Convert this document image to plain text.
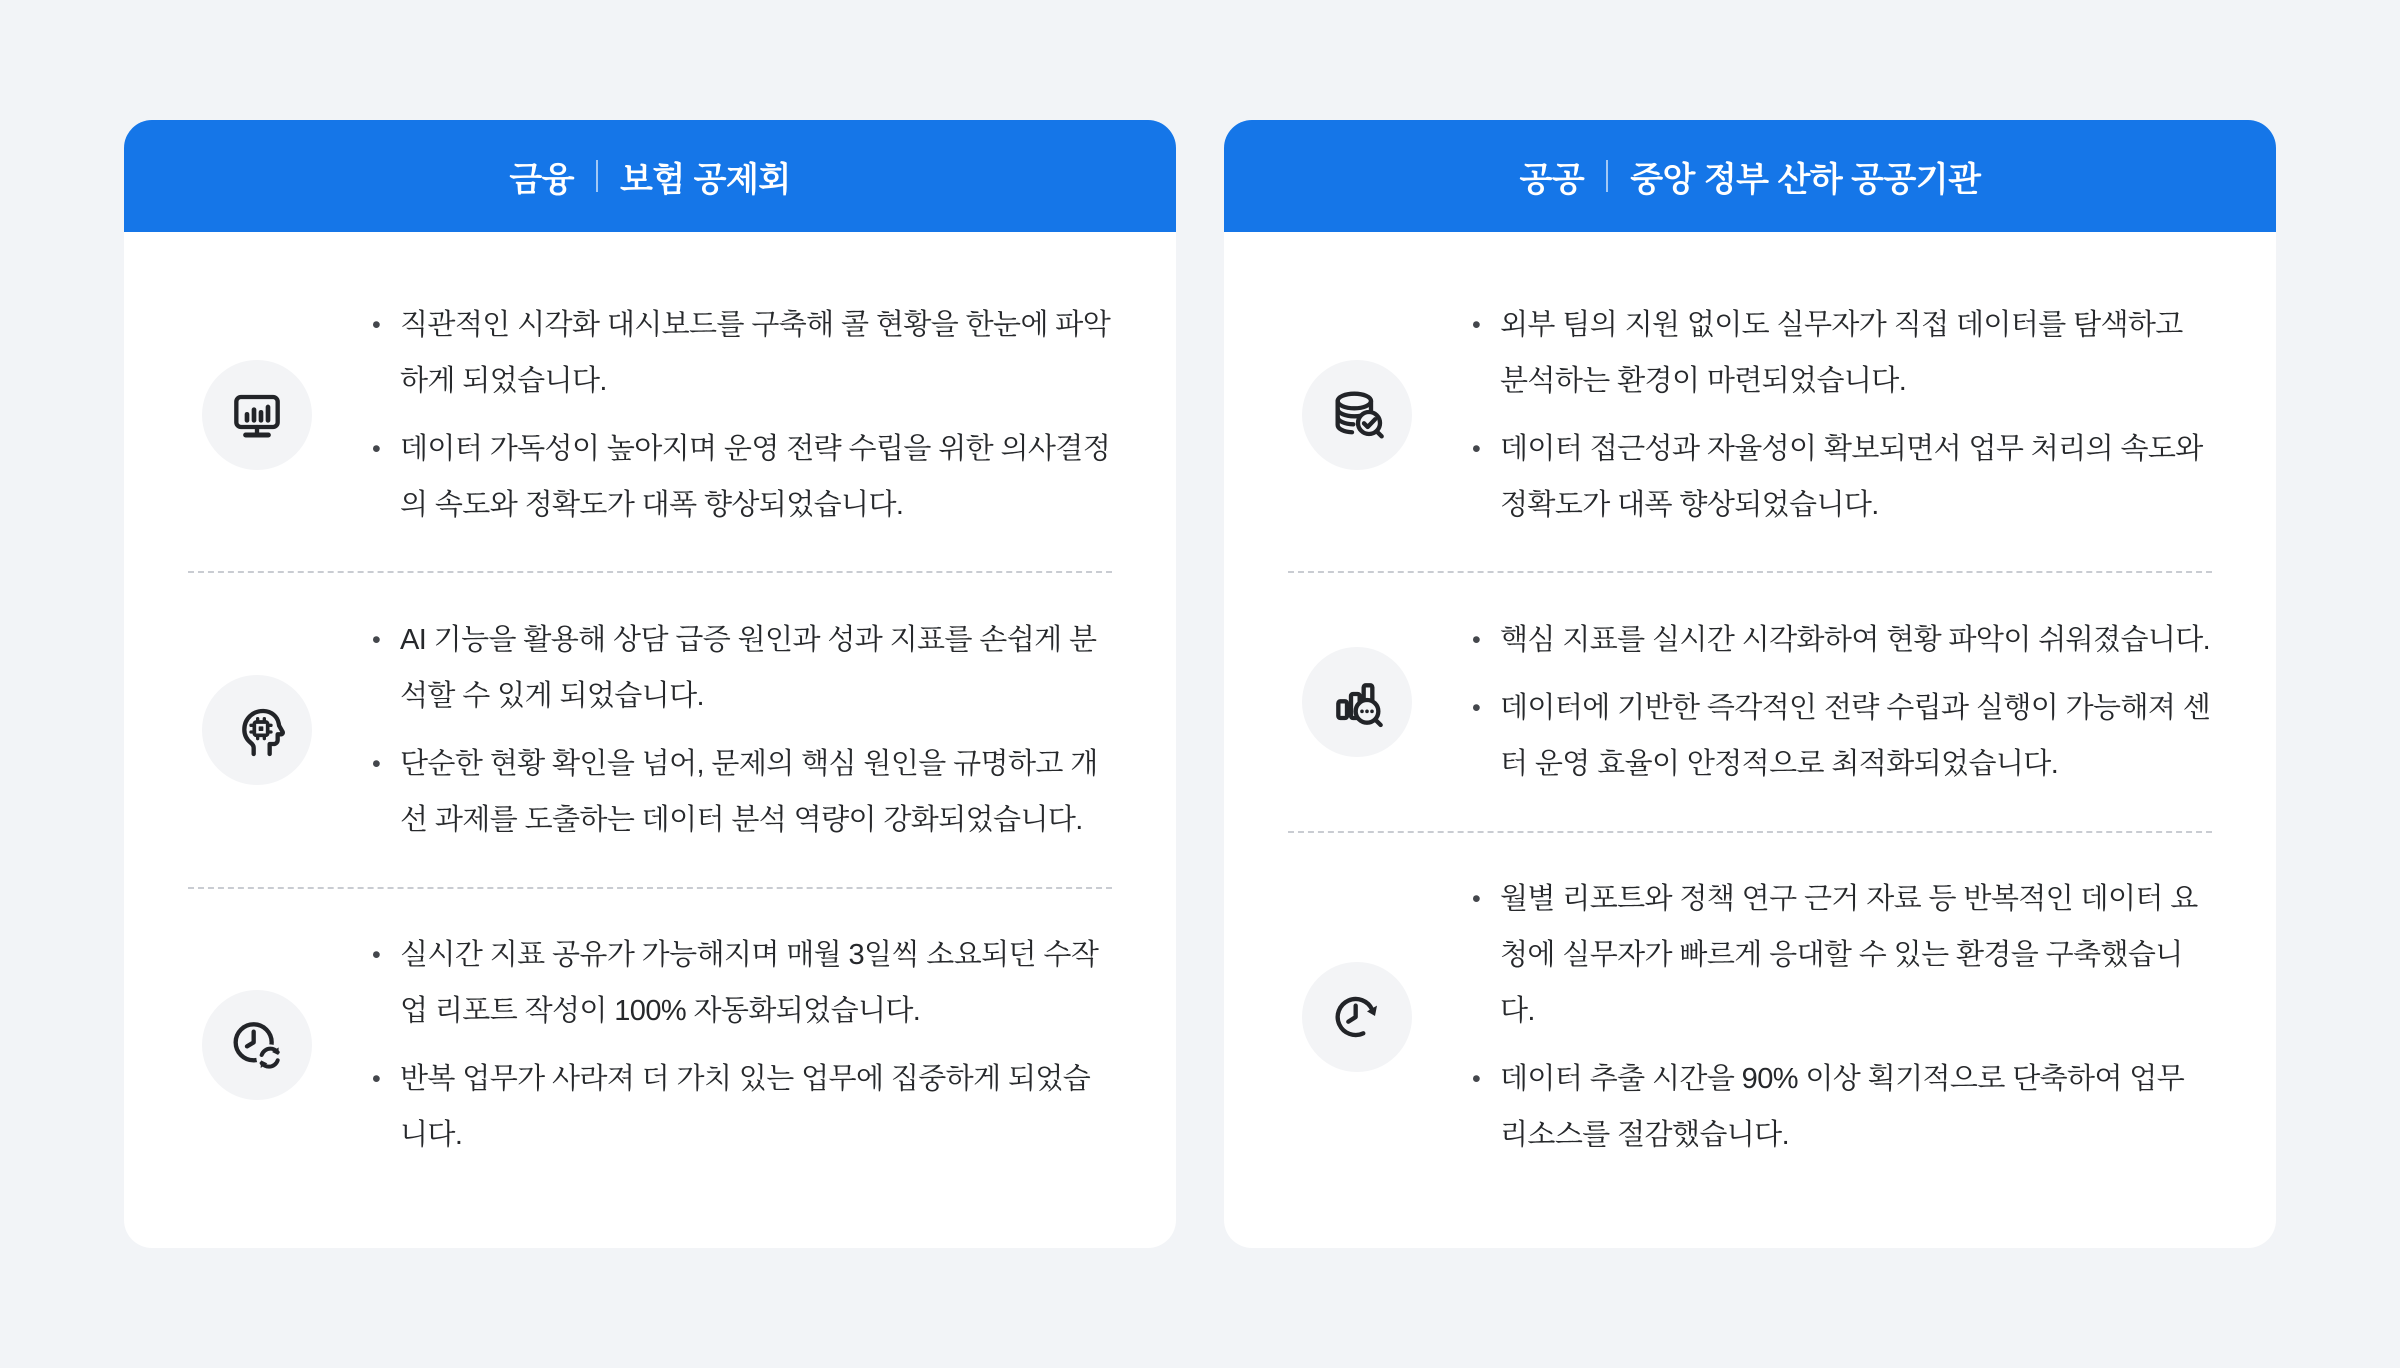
금융 보험 공제회
• 직관적인 시각화 대시보드를 구축해 콜 현황을 한눈에 파악하게 되었습니다.
• 데이터 가독성이 높아지며 운영 전략 수립을 위한 의사결정의 속도와 정확도가 대폭 향상되었습니다.
• AI 기능을 활용해 상담 급증 원인과 성과 지표를 손쉽게 분석할 수 있게 되었습니다.
• 단순한 현황 확인을 넘어, 문제의 핵심 원인을 규명하고 개선 과제를 도출하는 데이터 분석 역량이 강화되었습니다.
• 실시간 지표 공유가 가능해지며 매월 3일씩 소요되던 수작업 리포트 작성이 100% 자동화되었습니다.
• 반복 업무가 사라져 더 가치 있는 업무에 집중하게 되었습니다.
공공 중앙 정부 산하 공공기관
• 외부 팀의 지원 없이도 실무자가 직접 데이터를 탐색하고 분석하는 환경이 마련되었습니다.
• 데이터 접근성과 자율성이 확보되면서 업무 처리의 속도와 정확도가 대폭 향상되었습니다.
• 핵심 지표를 실시간 시각화하여 현황 파악이 쉬워졌습니다.
• 데이터에 기반한 즉각적인 전략 수립과 실행이 가능해져 센터 운영 효율이 안정적으로 최적화되었습니다.
• 월별 리포트와 정책 연구 근거 자료 등 반복적인 데이터 요청에 실무자가 빠르게 응대할 수 있는 환경을 구축했습니다.
• 데이터 추출 시간을 90% 이상 획기적으로 단축하여 업무 리소스를 절감했습니다.
